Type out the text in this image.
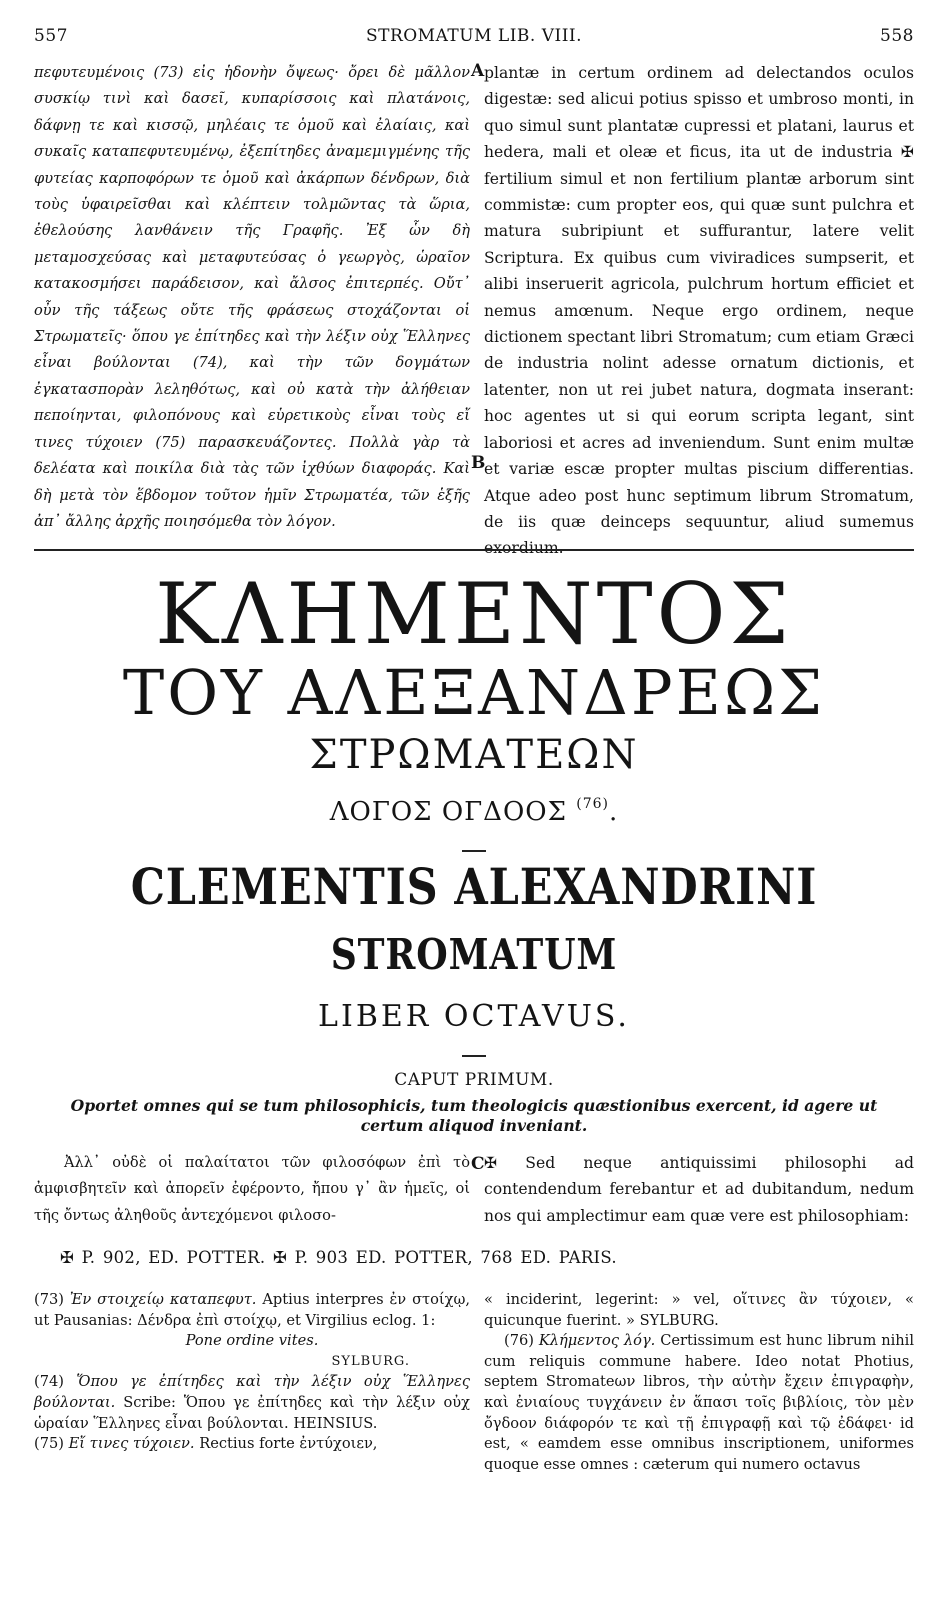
557	STROMATUM LIB. VIII.	558

πεφυτευμένοις (73) εἰς ἡδονὴν ὄψεως· ὄρει δὲ μᾶλλον συσκίῳ τινὶ καὶ δασεῖ, κυπαρίσσοις καὶ πλατάνοις, δάφνῃ τε καὶ κισσῷ, μηλέαις τε ὁμοῦ καὶ ἐλαίαις, καὶ συκαῖς καταπεφυτευμένῳ, ἐξεπίτηδες ἀναμεμιγμένης τῆς φυτείας καρποφόρων τε ὁμοῦ καὶ ἀκάρπων δένδρων, διὰ τοὺς ὑφαιρεῖσθαι καὶ κλέπτειν τολμῶντας τὰ ὥρια, ἐθελούσης λανθάνειν τῆς Γραφῆς. Ἐξ ὧν δὴ μεταμοσχεύσας καὶ μεταφυτεύσας ὁ γεωργὸς, ὡραῖον κατακοσμήσει παράδεισον, καὶ ἄλσος ἐπιτερπές. Οὔτ᾽ οὖν τῆς τάξεως οὔτε τῆς φράσεως στοχάζονται οἱ Στρωματεῖς· ὅπου γε ἐπίτηδες καὶ τὴν λέξιν οὐχ Ἕλληνες εἶναι βούλονται (74), καὶ τὴν τῶν δογμάτων ἐγκατασπορὰν λεληθότως, καὶ οὐ κατὰ τὴν ἀλήθειαν πεποίηνται, φιλοπόνους καὶ εὑρετικοὺς εἶναι τοὺς εἴ τινες τύχοιεν (75) παρασκευάζοντες. Πολλὰ γὰρ τὰ δελέατα καὶ ποικίλα διὰ τὰς τῶν ἰχθύων διαφοράς. Καὶ δὴ μετὰ τὸν ἕβδομον τοῦτον ἡμῖν Στρωματέα, τῶν ἑξῆς ἀπ᾽ ἄλλης ἀρχῆς ποιησόμεθα τὸν λόγον.

A
B

plantæ in certum ordinem ad delectandos oculos digestæ: sed alicui potius spisso et umbroso monti, in quo simul sunt plantatæ cupressi et platani, laurus et hedera, mali et oleæ et ficus, ita ut de industria ✠ fertilium simul et non fertilium plantæ arborum sint commistæ: cum propter eos, qui quæ sunt pulchra et matura subripiunt et suffurantur, latere velit Scriptura. Ex quibus cum viviradices sumpserit, et alibi inseruerit agricola, pulchrum hortum efficiet et nemus amœnum. Neque ergo ordinem, neque dictionem spectant libri Stromatum; cum etiam Græci de industria nolint adesse ornatum dictionis, et latenter, non ut rei jubet natura, dogmata inserant: hoc agentes ut si qui eorum scripta legant, sint laboriosi et acres ad inveniendum. Sunt enim multæ et variæ escæ propter multas piscium differentias. Atque adeo post hunc septimum librum Stromatum, de iis quæ deinceps sequuntur, aliud sumemus exordium.

ΚΛΗΜΕΝΤΟΣ
ΤΟΥ ΑΛΕΞΑΝΔΡΕΩΣ
ΣΤΡΩΜΑΤΕΩΝ
ΛΟΓΟΣ ΟΓΔΟΟΣ $^{(76)}$.
CLEMENTIS ALEXANDRINI
STROMATUM
LIBER OCTAVUS.
CAPUT PRIMUM.
Oportet omnes qui se tum philosophicis, tum theologicis quæstionibus exercent, id agere ut certum aliquod inveniant.

Ἀλλ᾽ οὐδὲ οἱ παλαίτατοι τῶν φιλοσόφων ἐπὶ τὸ ἀμφισβητεῖν καὶ ἀπορεῖν ἐφέροντο, ἤπου γ᾽ ἂν ἡμεῖς, οἱ τῆς ὄντως ἀληθοῦς ἀντεχόμενοι φιλοσο-

C ✠ Sed neque antiquissimi philosophi ad contendendum ferebantur et ad dubitandum, nedum nos qui amplectimur eam quæ vere est philosophiam:

✠ P. 902, ED. POTTER. ✠ P. 903 ED. POTTER, 768 ED. PARIS.

(73) Ἐν στοιχείῳ καταπεφυτ. Aptius interpres ἐν στοίχῳ, ut Pausanias: Δένδρα ἐπὶ στοίχῳ, et Virgilius eclog. 1:

Pone ordine vites.
SYLBURG.

(74) Ὅπου γε ἐπίτηδες καὶ τὴν λέξιν οὐχ Ἕλληνες βούλονται. Scribe: Ὅπου γε ἐπίτηδες καὶ τὴν λέξιν οὐχ ὡραίαν Ἕλληνες εἶναι βούλονται. HEINSIUS.

(75) Εἴ τινες τύχοιεν. Rectius forte ἐντύχοιεν,

« inciderint, legerint: » vel, οἵτινες ἂν τύχοιεν, « quicunque fuerint. » SYLBURG.

(76) Κλήμεντος λόγ. Certissimum est hunc librum nihil cum reliquis commune habere. Ideo notat Photius, septem Stromateων libros, τὴν αὐτὴν ἔχειν ἐπιγραφὴν, καὶ ἐνιαίους τυγχάνειν ἐν ἅπασι τοῖς βιβλίοις, τὸν μὲν ὄγδοον διάφορόν τε καὶ τῇ ἐπιγραφῇ καὶ τῷ ἐδάφει· id est, « eamdem esse omnibus inscriptionem, uniformes quoque esse omnes : cæterum qui numero octavus
